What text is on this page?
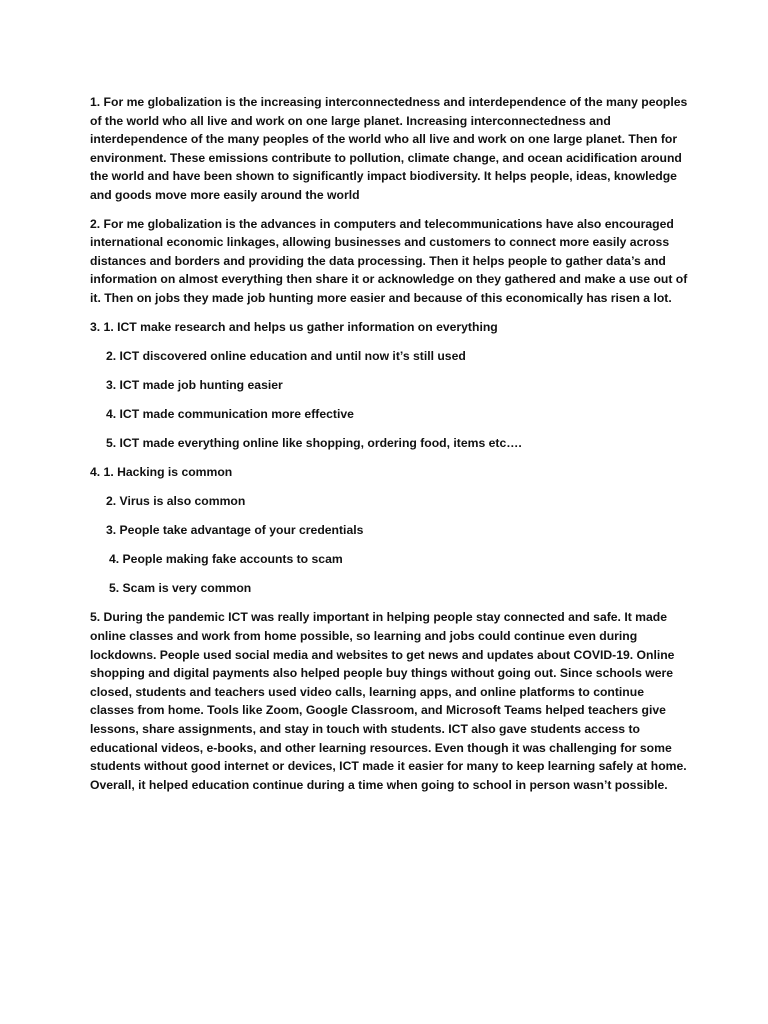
1. For me globalization is the increasing interconnectedness and interdependence of the many peoples of the world who all live and work on one large planet. Increasing interconnectedness and interdependence of the many peoples of the world who all live and work on one large planet. Then for environment. These emissions contribute to pollution, climate change, and ocean acidification around the world and have been shown to significantly impact biodiversity. It helps people, ideas, knowledge and goods move more easily around the world

2. For me globalization is the advances in computers and telecommunications have also encouraged international economic linkages, allowing businesses and customers to connect more easily across distances and borders and providing the data processing. Then it helps people to gather data’s and information on almost everything then share it or acknowledge on they gathered and make a use out of it. Then on jobs they made job hunting more easier and because of this economically has risen a lot.

3. 1. ICT make research and helps us gather information on everything
2. ICT discovered online education and until now it’s still used
3. ICT made job hunting easier
4. ICT made communication more effective
5. ICT made everything online like shopping, ordering food, items etc….
4. 1. Hacking is common
2. Virus is also common
3. People take advantage of your credentials
4. People making fake accounts to scam
5. Scam is very common

5. During the pandemic ICT was really important in helping people stay connected and safe. It made online classes and work from home possible, so learning and jobs could continue even during lockdowns. People used social media and websites to get news and updates about COVID-19. Online shopping and digital payments also helped people buy things without going out. Since schools were closed, students and teachers used video calls, learning apps, and online platforms to continue classes from home. Tools like Zoom, Google Classroom, and Microsoft Teams helped teachers give lessons, share assignments, and stay in touch with students. ICT also gave students access to educational videos, e-books, and other learning resources. Even though it was challenging for some students without good internet or devices, ICT made it easier for many to keep learning safely at home. Overall, it helped education continue during a time when going to school in person wasn’t possible.
